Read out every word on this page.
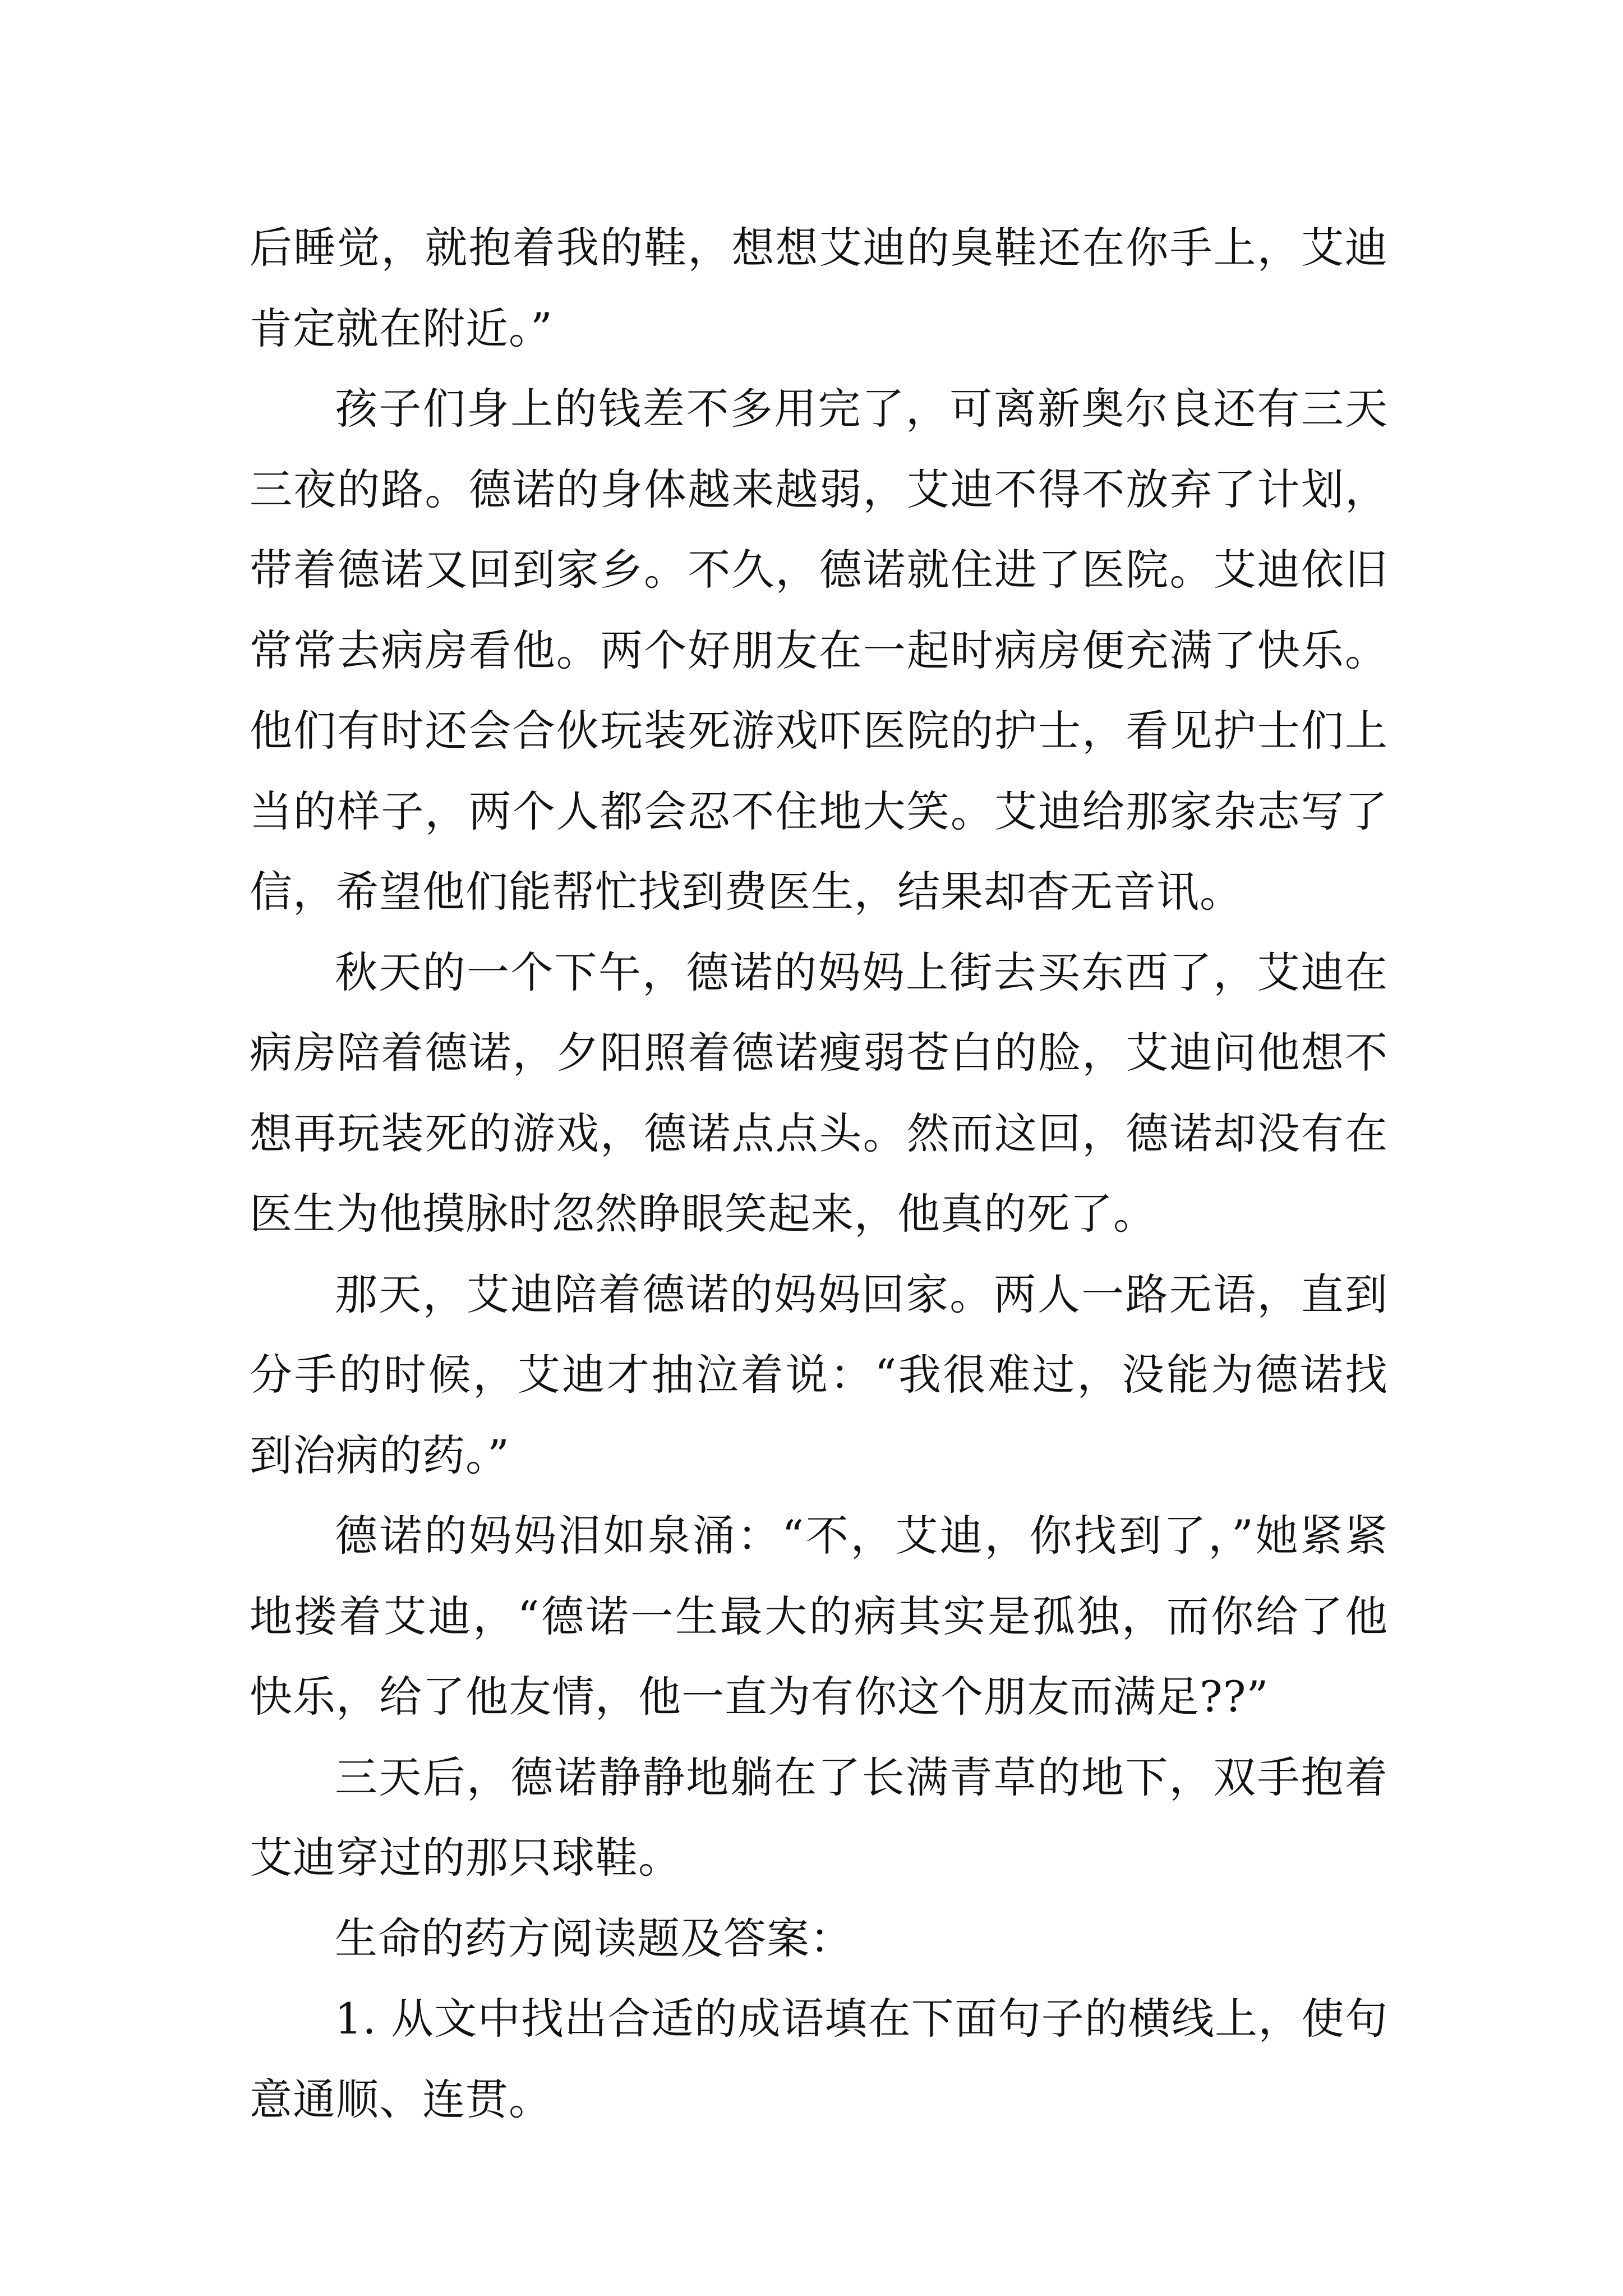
后睡觉，就抱着我的鞋，想想艾迪的臭鞋还在你手上，艾迪肯定就在附近。”

孩子们身上的钱差不多用完了，可离新奥尔良还有三天三夜的路。德诺的身体越来越弱，艾迪不得不放弃了计划，带着德诺又回到家乡。不久，德诺就住进了医院。艾迪依旧常常去病房看他。两个好朋友在一起时病房便充满了快乐。他们有时还会合伙玩装死游戏吓医院的护士，看见护士们上当的样子，两个人都会忍不住地大笑。艾迪给那家杂志写了信，希望他们能帮忙找到费医生，结果却杳无音讯。

秋天的一个下午，德诺的妈妈上街去买东西了，艾迪在病房陪着德诺，夕阳照着德诺瘦弱苍白的脸，艾迪问他想不想再玩装死的游戏，德诺点点头。然而这回，德诺却没有在医生为他摸脉时忽然睁眼笑起来，他真的死了。

那天，艾迪陪着德诺的妈妈回家。两人一路无语，直到分手的时候，艾迪才抽泣着说：“我很难过，没能为德诺找到治病的药。”

德诺的妈妈泪如泉涌：“不，艾迪，你找到了，”她紧紧地搂着艾迪，“德诺一生最大的病其实是孤独，而你给了他快乐，给了他友情，他一直为有你这个朋友而满足??”

三天后，德诺静静地躺在了长满青草的地下，双手抱着艾迪穿过的那只球鞋。

生命的药方阅读题及答案：

1. 从文中找出合适的成语填在下面句子的横线上，使句意通顺、连贯。
